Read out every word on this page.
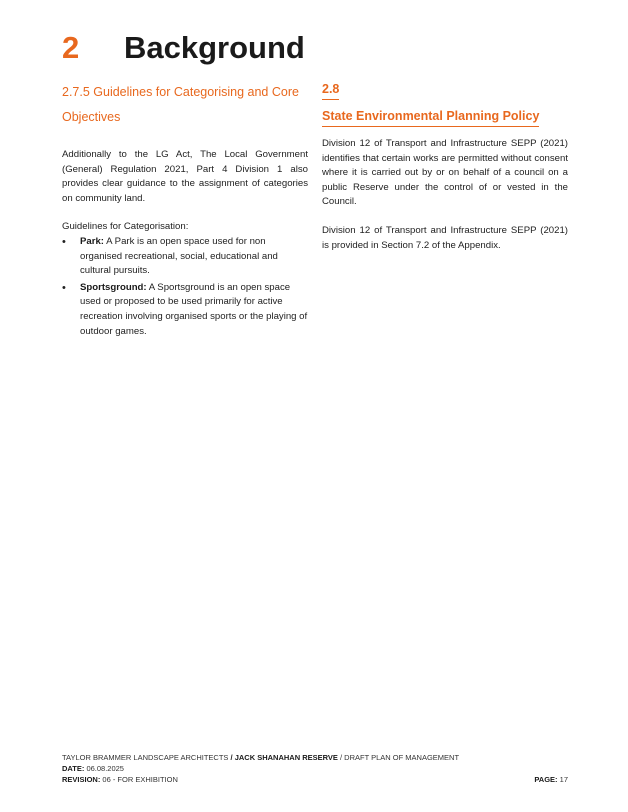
2 Background
2.7.5 Guidelines for Categorising and Core Objectives

Additionally to the LG Act, The Local Government (General) Regulation 2021, Part 4 Division 1 also provides clear guidance to the assignment of categories on community land.

Guidelines for Categorisation:
• Park: A Park is an open space used for non organised recreational, social, educational and cultural pursuits.
• Sportsground: A Sportsground is an open space used or proposed to be used primarily for active recreation involving organised sports or the playing of outdoor games.
2.8
State Environmental Planning Policy

Division 12 of Transport and Infrastructure SEPP (2021) identifies that certain works are permitted without consent where it is carried out by or on behalf of a council on a public Reserve under the control of or vested in the Council.

Division 12 of Transport and Infrastructure SEPP (2021) is provided in Section 7.2 of the Appendix.

TAYLOR BRAMMER LANDSCAPE ARCHITECTS / JACK SHANAHAN RESERVE / DRAFT PLAN OF MANAGEMENT
DATE: 06.08.2025
REVISION: 06 - FOR EXHIBITION	PAGE: 17
